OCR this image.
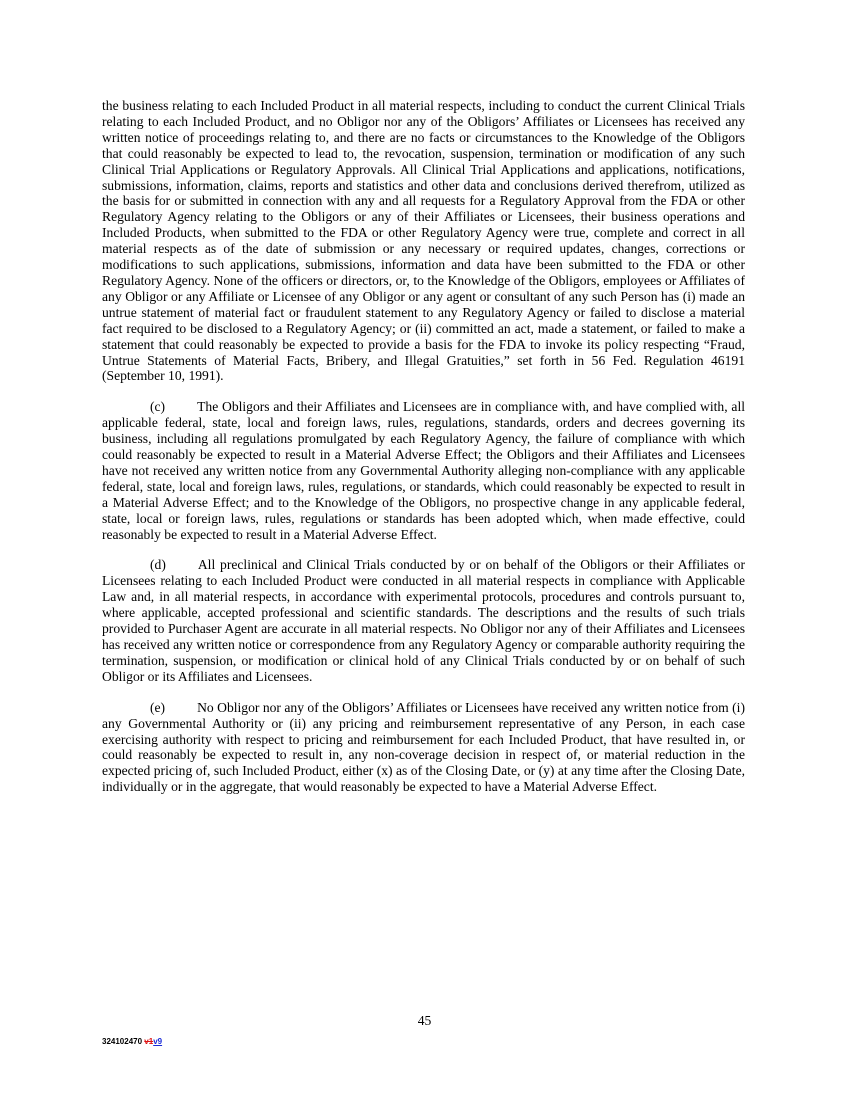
the business relating to each Included Product in all material respects, including to conduct the current Clinical Trials relating to each Included Product, and no Obligor nor any of the Obligors’ Affiliates or Licensees has received any written notice of proceedings relating to, and there are no facts or circumstances to the Knowledge of the Obligors that could reasonably be expected to lead to, the revocation, suspension, termination or modification of any such Clinical Trial Applications or Regulatory Approvals. All Clinical Trial Applications and applications, notifications, submissions, information, claims, reports and statistics and other data and conclusions derived therefrom, utilized as the basis for or submitted in connection with any and all requests for a Regulatory Approval from the FDA or other Regulatory Agency relating to the Obligors or any of their Affiliates or Licensees, their business operations and Included Products, when submitted to the FDA or other Regulatory Agency were true, complete and correct in all material respects as of the date of submission or any necessary or required updates, changes, corrections or modifications to such applications, submissions, information and data have been submitted to the FDA or other Regulatory Agency. None of the officers or directors, or, to the Knowledge of the Obligors, employees or Affiliates of any Obligor or any Affiliate or Licensee of any Obligor or any agent or consultant of any such Person has (i) made an untrue statement of material fact or fraudulent statement to any Regulatory Agency or failed to disclose a material fact required to be disclosed to a Regulatory Agency; or (ii) committed an act, made a statement, or failed to make a statement that could reasonably be expected to provide a basis for the FDA to invoke its policy respecting “Fraud, Untrue Statements of Material Facts, Bribery, and Illegal Gratuities,” set forth in 56 Fed. Regulation 46191 (September 10, 1991).

(c) The Obligors and their Affiliates and Licensees are in compliance with, and have complied with, all applicable federal, state, local and foreign laws, rules, regulations, standards, orders and decrees governing its business, including all regulations promulgated by each Regulatory Agency, the failure of compliance with which could reasonably be expected to result in a Material Adverse Effect; the Obligors and their Affiliates and Licensees have not received any written notice from any Governmental Authority alleging non-compliance with any applicable federal, state, local and foreign laws, rules, regulations, or standards, which could reasonably be expected to result in a Material Adverse Effect; and to the Knowledge of the Obligors, no prospective change in any applicable federal, state, local or foreign laws, rules, regulations or standards has been adopted which, when made effective, could reasonably be expected to result in a Material Adverse Effect.

(d) All preclinical and Clinical Trials conducted by or on behalf of the Obligors or their Affiliates or Licensees relating to each Included Product were conducted in all material respects in compliance with Applicable Law and, in all material respects, in accordance with experimental protocols, procedures and controls pursuant to, where applicable, accepted professional and scientific standards. The descriptions and the results of such trials provided to Purchaser Agent are accurate in all material respects. No Obligor nor any of their Affiliates and Licensees has received any written notice or correspondence from any Regulatory Agency or comparable authority requiring the termination, suspension, or modification or clinical hold of any Clinical Trials conducted by or on behalf of such Obligor or its Affiliates and Licensees.

(e) No Obligor nor any of the Obligors’ Affiliates or Licensees have received any written notice from (i) any Governmental Authority or (ii) any pricing and reimbursement representative of any Person, in each case exercising authority with respect to pricing and reimbursement for each Included Product, that have resulted in, or could reasonably be expected to result in, any non-coverage decision in respect of, or material reduction in the expected pricing of, such Included Product, either (x) as of the Closing Date, or (y) at any time after the Closing Date, individually or in the aggregate, that would reasonably be expected to have a Material Adverse Effect.

45
324102470 v1v9
